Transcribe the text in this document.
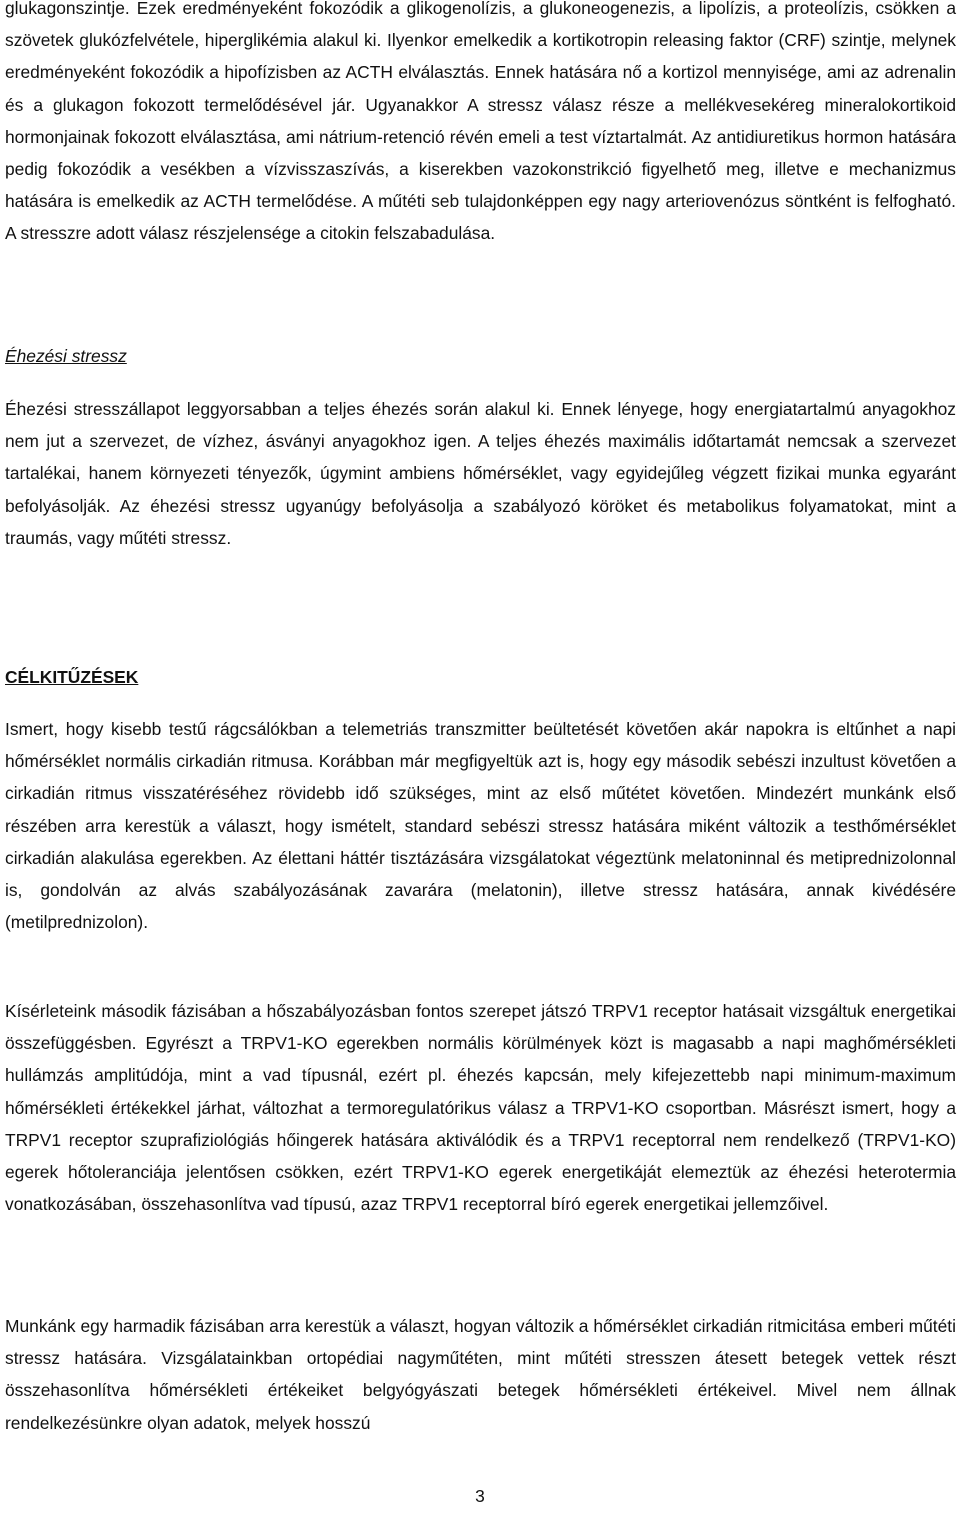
glukagonszintje. Ezek eredményeként fokozódik a glikogenolízis, a glukoneogenezis, a lipolízis, a proteolízis, csökken a szövetek glukózfelvétele, hiperglikémia alakul ki. Ilyenkor emelkedik a kortikotropin releasing faktor (CRF) szintje, melynek eredményeként fokozódik a hipofízisben az ACTH elválasztás. Ennek hatására nő a kortizol mennyisége, ami az adrenalin és a glukagon fokozott termelődésével jár. Ugyanakkor A stressz válasz része a mellékvesekéreg mineralokortikoid hormonjainak fokozott elválasztása, ami nátrium-retenció révén emeli a test víztartalmát. Az antidiuretikus hormon hatására pedig fokozódik a vesékben a vízvisszaszívás, a kiserekben vazokonstrikció figyelhető meg, illetve e mechanizmus hatására is emelkedik az ACTH termelődése. A műtéti seb tulajdonképpen egy nagy arteriovenózus söntként is felfogható. A stresszre adott válasz részjelensége a citokin felszabadulása.

Éhezési stressz

Éhezési stresszállapot leggyorsabban a teljes éhezés során alakul ki. Ennek lényege, hogy energiatartalmú anyagokhoz nem jut a szervezet, de vízhez, ásványi anyagokhoz igen. A teljes éhezés maximális időtartamát nemcsak a szervezet tartalékai, hanem környezeti tényezők, úgymint ambiens hőmérséklet, vagy egyidejűleg végzett fizikai munka egyaránt befolyásolják. Az éhezési stressz ugyanúgy befolyásolja a szabályozó köröket és metabolikus folyamatokat, mint a traumás, vagy műtéti stressz.

CÉLKITŰZÉSEK

Ismert, hogy kisebb testű rágcsálókban a telemetriás transzmitter beültetését követően akár napokra is eltűnhet a napi hőmérséklet normális cirkadián ritmusa. Korábban már megfigyeltük azt is, hogy egy második sebészi inzultust követően a cirkadián ritmus visszatéréséhez rövidebb idő szükséges, mint az első műtétet követően. Mindezért munkánk első részében arra kerestük a választ, hogy ismételt, standard sebészi stressz hatására miként változik a testhőmérséklet cirkadián alakulása egerekben. Az élettani háttér tisztázására vizsgálatokat végeztünk melatoninnal és metiprednizolonnal is, gondolván az alvás szabályozásának zavarára (melatonin), illetve stressz hatására, annak kivédésére (metilprednizolon).

Kísérleteink második fázisában a hőszabályozásban fontos szerepet játszó TRPV1 receptor hatásait vizsgáltuk energetikai összefüggésben. Egyrészt a TRPV1-KO egerekben normális körülmények közt is magasabb a napi maghőmérsékleti hullámzás amplitúdója, mint a vad típusnál, ezért pl. éhezés kapcsán, mely kifejezettebb napi minimum-maximum hőmérsékleti értékekkel járhat, változhat a termoregulatórikus válasz a TRPV1-KO csoportban. Másrészt ismert, hogy a TRPV1 receptor szuprafiziológiás hőingerek hatására aktiválódik és a TRPV1 receptorral nem rendelkező (TRPV1-KO) egerek hőtoleranciája jelentősen csökken, ezért TRPV1-KO egerek energetikáját elemeztük az éhezési heterotermia vonatkozásában, összehasonlítva vad típusú, azaz TRPV1 receptorral bíró egerek energetikai jellemzőivel.

Munkánk egy harmadik fázisában arra kerestük a választ, hogyan változik a hőmérséklet cirkadián ritmicitása emberi műtéti stressz hatására. Vizsgálatainkban ortopédiai nagyműtéten, mint műtéti stresszen átesett betegek vettek részt összehasonlítva hőmérsékleti értékeiket belgyógyászati betegek hőmérsékleti értékeivel. Mivel nem állnak rendelkezésünkre olyan adatok, melyek hosszú

3
